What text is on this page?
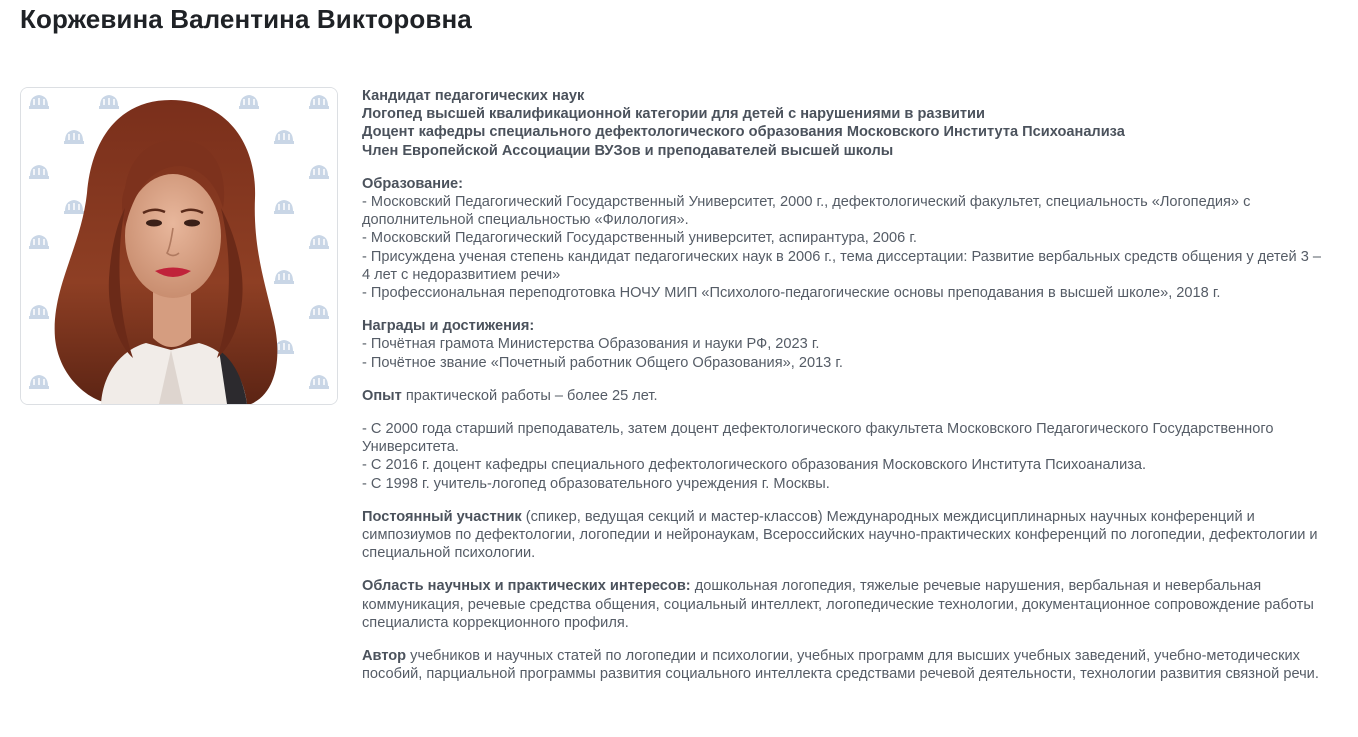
Коржевина Валентина Викторовна

Кандидат педагогических наук
Логопед высшей квалификационной категории для детей с нарушениями в развитии
Доцент кафедры специального дефектологического образования Московского Института Психоанализа
Член Европейской Ассоциации ВУЗов и преподавателей высшей школы

Образование:
- Московский Педагогический Государственный Университет, 2000 г., дефектологический факультет, специальность «Логопедия» с дополнительной специальностью «Филология».
- Московский Педагогический Государственный университет, аспирантура, 2006 г.
- Присуждена ученая степень кандидат педагогических наук в 2006 г., тема диссертации: Развитие вербальных средств общения у детей 3 – 4 лет с недоразвитием речи»
- Профессиональная переподготовка НОЧУ МИП «Психолого-педагогические основы преподавания в высшей школе», 2018 г.

Награды и достижения:
- Почётная грамота Министерства Образования и науки РФ, 2023 г.
- Почётное звание «Почетный работник Общего Образования», 2013 г.

Опыт практической работы – более 25 лет.

- С 2000 года старший преподаватель, затем доцент дефектологического факультета Московского Педагогического Государственного Университета.
- С 2016 г. доцент кафедры специального дефектологического образования Московского Института Психоанализа.
- С 1998 г. учитель-логопед образовательного учреждения г. Москвы.

Постоянный участник (спикер, ведущая секций и мастер-классов) Международных междисциплинарных научных конференций и симпозиумов по дефектологии, логопедии и нейронаукам, Всероссийских научно-практических конференций по логопедии, дефектологии и специальной психологии.

Область научных и практических интересов: дошкольная логопедия, тяжелые речевые нарушения, вербальная и невербальная коммуникация, речевые средства общения, социальный интеллект, логопедические технологии, документационное сопровождение работы специалиста коррекционного профиля.

Автор учебников и научных статей по логопедии и психологии, учебных программ для высших учебных заведений, учебно-методических пособий, парциальной программы развития социального интеллекта средствами речевой деятельности, технологии развития связной речи.
